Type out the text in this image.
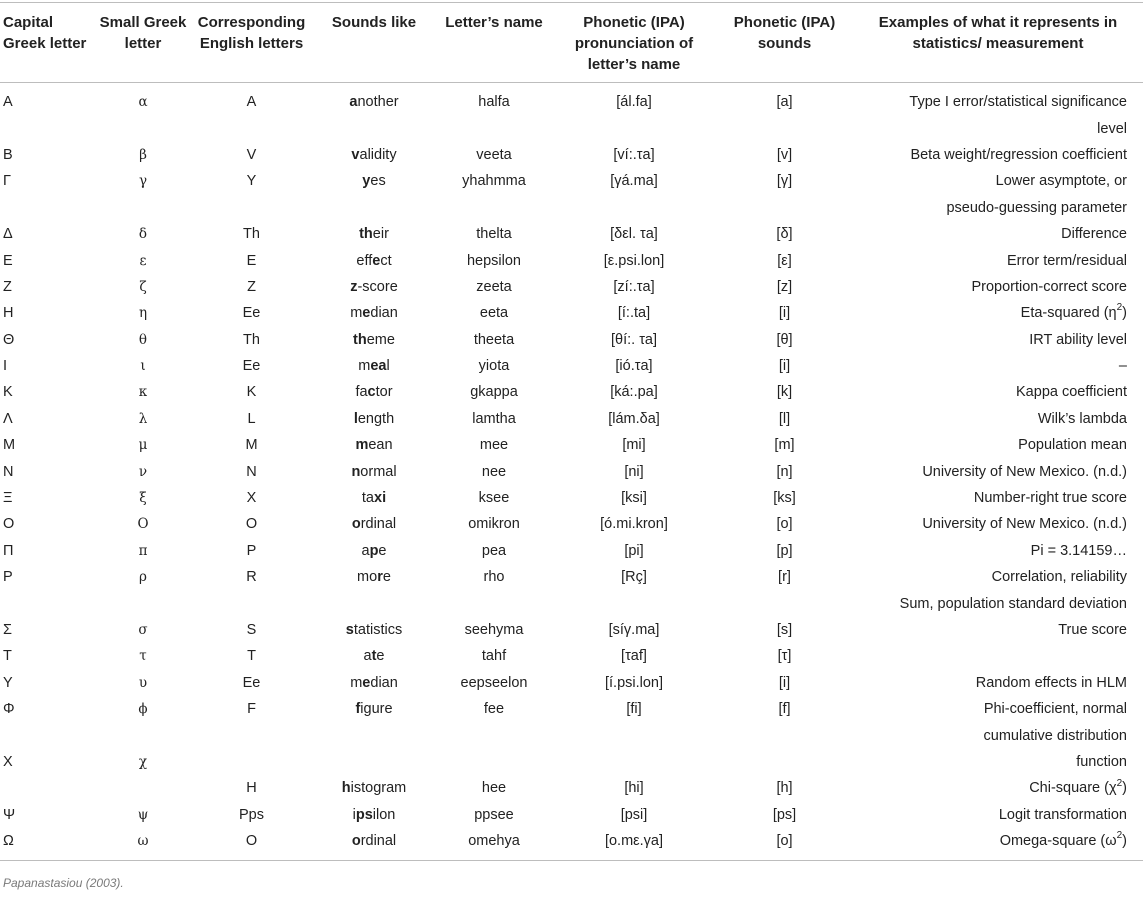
Capital Greek letter	Small Greek letter	Corresponding English letters	Sounds like	Letter’s name	Phonetic (IPA) pronunciation of letter’s name	Phonetic (IPA) sounds	Examples of what it represents in statistics/ measurement
A	α	A	another	halfa	[ál.fa]	[a]	Type I error/statistical significance
							level
B	β	V	validity	veeta	[ví:.τa]	[v]	Beta weight/regression coefficient
Γ	γ	Y	yes	yhahmma	[γá.ma]	[γ]	Lower asymptote, or
							pseudo-guessing parameter
Δ	δ	Th	their	thelta	[δεl. τa]	[δ]	Difference
E	ε	E	effect	hepsilon	[ε.psi.lon]	[ε]	Error term/residual
Z	ζ	Z	z-score	zeeta	[zí:.τa]	[z]	Proportion-correct score
H	η	Ee	median	eeta	[í:.ta]	[i]	Eta-squared $(\eta^2)$
Θ	θ	Th	theme	theeta	[θí:. τa]	[θ]	IRT ability level
I	ι	Ee	meal	yiota	[ió.τa]	[i]	–
K	κ	K	factor	gkappa	[ká:.pa]	[k]	Kappa coefficient
Λ	λ	L	length	lamtha	[lám.δa]	[l]	Wilk’s lambda
M	μ	M	mean	mee	[mi]	[m]	Population mean
N	ν	N	normal	nee	[ni]	[n]	University of New Mexico. (n.d.)
Ξ	ξ	X	taxi	ksee	[ksi]	[ks]	Number-right true score
O	O	O	ordinal	omikron	[ó.mi.kron]	[o]	University of New Mexico. (n.d.)
Π	π	P	ape	pea	[pi]	[p]	Pi = 3.14159…
P	ρ	R	more	rho	[Rç]	[r]	Correlation, reliability
							Sum, population standard deviation
Σ	σ	S	statistics	seehyma	[síγ.ma]	[s]	True score
T	τ	T	ate	tahf	[τaf]	[τ]	
Y	υ	Ee	median	eepseelon	[í.psi.lon]	[i]	Random effects in HLM
Φ	ϕ	F	figure	fee	[fi]	[f]	Phi-coefficient, normal
							cumulative distribution
X	χ						function
		H	histogram	hee	[hi]	[h]	Chi-square $(\chi^2)$
Ψ	ψ	Pps	ipsilon	ppsee	[psi]	[ps]	Logit transformation
Ω	ω	O	ordinal	omehya	[o.mε.γa]	[o]	Omega-square $(\omega^2)$
Papanastasiou (2003).
